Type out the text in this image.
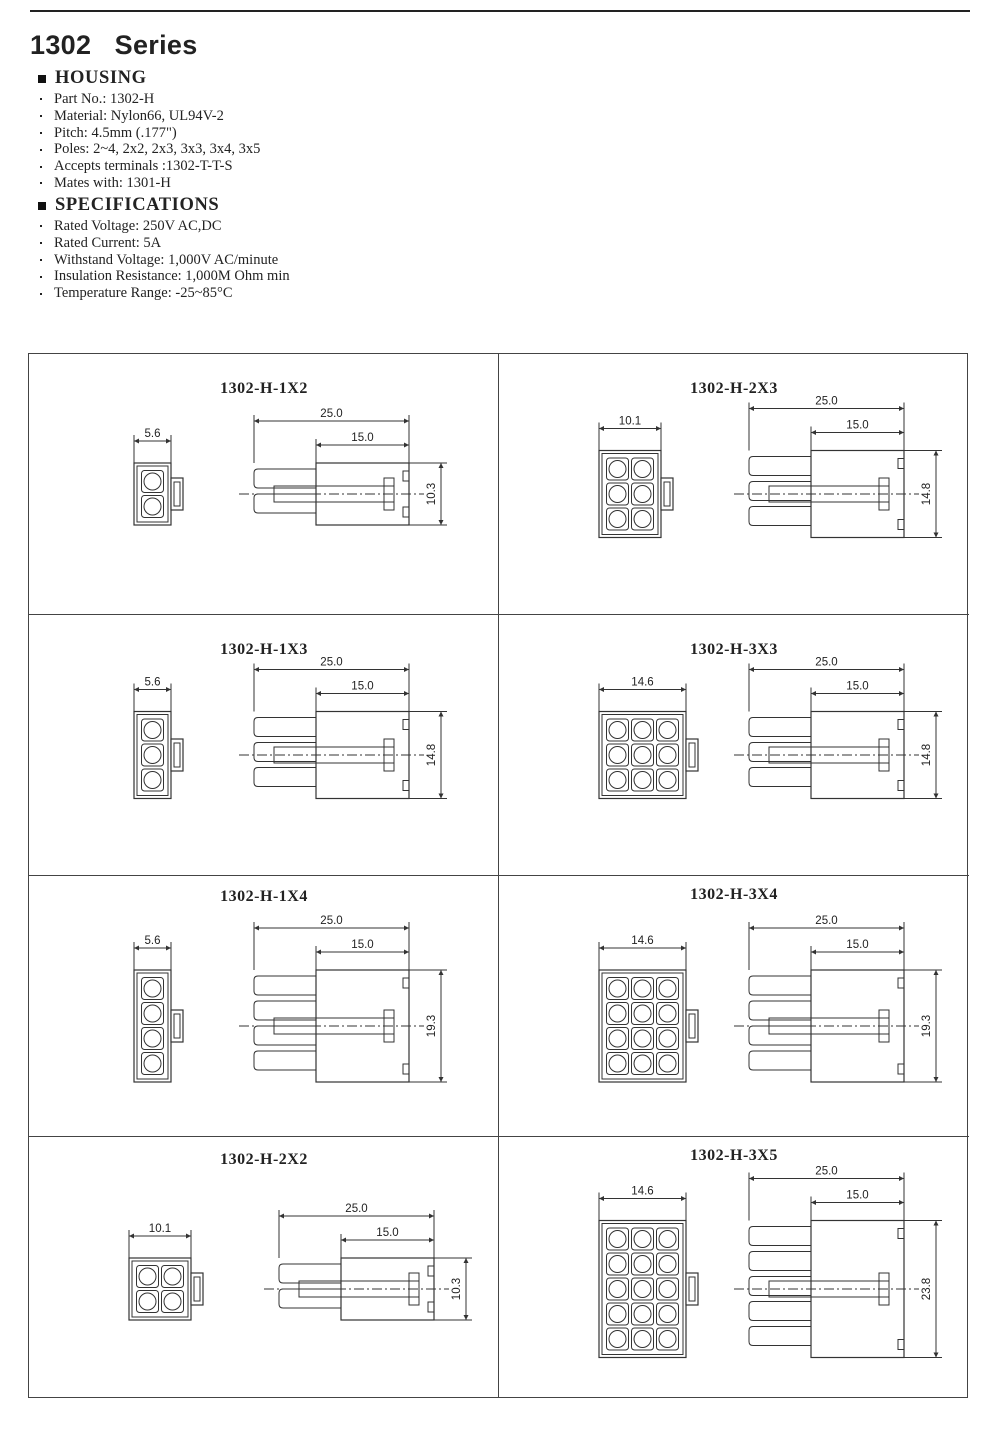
1302   Series
HOUSING
Part No.: 1302-H
Material: Nylon66, UL94V-2
Pitch: 4.5mm (.177")
Poles: 2~4, 2x2, 2x3, 3x3, 3x4, 3x5
Accepts terminals :1302-T-T-S
Mates with: 1301-H
SPECIFICATIONS
Rated Voltage: 250V AC,DC
Rated Current: 5A
Withstand Voltage: 1,000V AC/minute
Insulation Resistance: 1,000M Ohm min
Temperature Range: -25~85°C
1302-H-1X2
5.6
25.0
15.0
10.3
1302-H-2X3
10.1
25.0
15.0
14.8
1302-H-1X3
5.6
25.0
15.0
14.8
1302-H-3X3
14.6
25.0
15.0
14.8
1302-H-1X4
5.6
25.0
15.0
19.3
1302-H-3X4
14.6
25.0
15.0
19.3
1302-H-2X2
10.1
25.0
15.0
10.3
1302-H-3X5
14.6
25.0
15.0
23.8
